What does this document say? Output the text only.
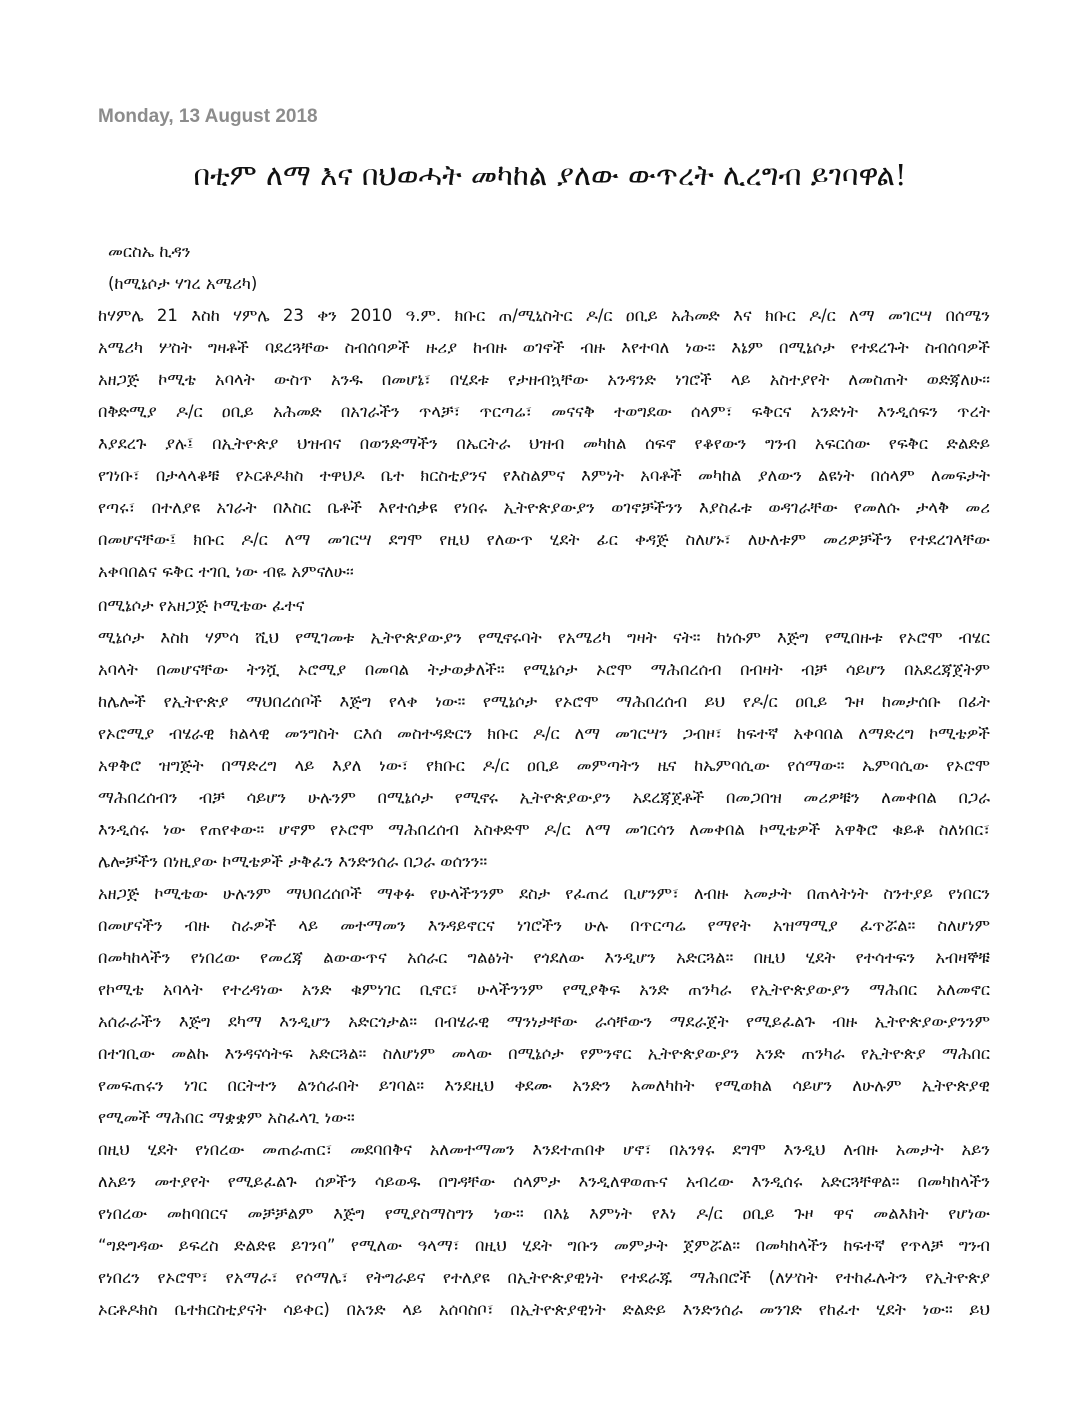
Monday, 13 August 2018
በቲም ለማ እና በህወሓት መካከል ያለው ውጥረት ሊረግብ ይገባዋል!
መርስኤ ኪዳን
(ከሚኔሶታ ሃገረ አሜሪካ)
ከሃምሌ 21 እስከ ሃምሌ 23 ቀን 2010 ዓ.ም. ክቡር ጠ/ሚኒስትር ዶ/ር ዐቢይ አሕመድ እና ክቡር ዶ/ር ለማ መገርሣ በሰሜን
አሜሪካ ሦስት ግዛቶች ባደረጓቸው ስብሰባዎች ዙሪያ ከብዙ ወገኖች ብዙ እየተባለ ነው። እኔም በሚኔሶታ የተደረጉት ስብሰባዎች
አዘጋጅ ኮሚቴ አባላት ውስጥ አንዱ በመሆኔ፣ በሂደቱ የታዘብኳቸው አንዳንድ ነገሮች ላይ አስተያየት ለመስጠት ወድጃለሁ፡፡
በቅድሚያ ዶ/ር ዐቢይ አሕመድ በአገራችን ጥላቻ፣ ጥርጣሬ፣ መናናቅ ተወግደው ሰላም፣ ፍቅርና አንድነት እንዲሰፍን ጥረት
እያደረጉ ያሉ፤ በኢትዮጵያ ህዝብና በወንድማችን በኤርትራ ህዝብ መካከል ሰፍኖ የቆየውን ግንብ አፍርሰው የፍቅር ድልድይ
የገነቡ፣ በታላላቆቹ የኦርቶዶክስ ተዋህዶ ቤተ ክርስቲያንና የእስልምና እምነት አባቶች መካከል ያለውን ልዩነት በሰላም ለመፍታት
የጣሩ፣ በተለያዩ አገራት በእስር ቤቶች እየተሰቃዩ የነበሩ ኢትዮጵያውያን ወገኖቻችንን እያስፈቱ ወዳገራቸው የመለሱ ታላቅ መሪ
በመሆናቸው፤ ክቡር ዶ/ር ለማ መገርሣ ደግሞ የዚህ የለውጥ ሂደት ፊር ቀዳጅ ስለሆኑ፣ ለሁለቱም መሪዎቻችን የተደረገላቸው
አቀባበልና ፍቅር ተገቢ ነው ብዬ አምናለሁ፡፡
በሚኔሶታ የአዘጋጅ ኮሚቴው ፈተና
ሚኔሶታ እስከ ሃምሳ ሺህ የሚገመቱ ኢትዮጵያውያን የሚኖሩባት የአሜሪካ ግዛት ናት። ከነሱም እጅግ የሚበዙቱ የኦሮሞ ብሄር
አባላት በመሆናቸው ትንሿ ኦሮሚያ በመባል ትታወቃለች። የሚኔሶታ ኦሮሞ ማሕበረሰብ በብዛት ብቻ ሳይሆን በአደረጃጀትም
ከሌሎች የኢትዮጵያ ማህበረሰቦች እጅግ የላቀ ነው። የሚኔሶታ የኦሮሞ ማሕበረሰብ ይህ የዶ/ር ዐቢይ ጉዞ ከመታሰቡ በፊት
የኦሮሚያ ብሄራዊ ክልላዊ መንግስት ርእሰ መስተዳድርን ክቡር ዶ/ር ለማ መገርሣን ጋብዞ፣ ከፍተኛ አቀባበል ለማድረግ ኮሚቴዎች
አዋቅሮ ዝግጅት በማድረግ ላይ እያለ ነው፣ የክቡር ዶ/ር ዐቢይ መምጣትን ዜና ከኤምባሲው የሰማው። ኤምባሲው የኦሮሞ
ማሕበረሰብን ብቻ ሳይሆን ሁሉንም በሚኔሶታ የሚኖሩ ኢትዮጵያውያን አደረጃጀቶች በመጋበዝ መሪዎቹን ለመቀበል በጋራ
እንዲሰሩ ነው የጠየቀው። ሆኖም የኦሮሞ ማሕበረሰብ አስቀድሞ ዶ/ር ለማ መገርሳን ለመቀበል ኮሚቴዎች አዋቅሮ ቁይቶ ስለነበር፣
ሌሎቻችን በነዚያው ኮሚቴዎች ታቅፈን እንድንሰራ በጋራ ወሰንን።
አዘጋጅ ኮሚቴው ሁሉንም ማህበረሰቦች ማቀፉ የሁላችንንም ደስታ የፈጠረ ቢሆንም፣ ለብዙ አመታት በጠላትነት ስንተያይ የነበርን
በመሆናችን ብዙ ስራዎች ላይ መተማመን እንዳይኖርና ነገሮችን ሁሉ በጥርጣሬ የማየት አዝማሚያ ፈጥሯል። ስለሆነም
በመካከላችን የነበረው የመረጃ ልውውጥና አሰራር ግልፅነት የጎደለው እንዲሆን አድርጓል። በዚህ ሂደት የተሳተፍን አብዛኞቹ
የኮሚቴ አባላት የተረዳነው አንድ ቁምነገር ቢኖር፣ ሁላችንንም የሚያቅፍ አንድ ጠንካራ የኢትዮጵያውያን ማሕበር አለመኖር
አሰራራችን እጅግ ደካማ እንዲሆን አድርጎታል። በብሄራዊ ማንነታቸው ራሳቸውን ማደራጀት የሚይፈልጉ ብዙ ኢትዮጵያውያንንም
በተገቢው መልኩ እንዳናሳትፍ አድርጓል። ስለሆነም መላው በሚኔሶታ የምንኖር ኢትዮጵያውያን አንድ ጠንካራ የኢትዮጵያ ማሕበር
የመፍጠሩን ነገር በርትተን ልንሰራበት ይገባል። እንደዚህ ቀደሙ አንድን አመለካከት የሚወክል ሳይሆን ለሁሉም ኢትዮጵያዊ
የሚመች ማሕበር ማቋቋም አስፈላጊ ነው።
በዚህ ሂደት የነበረው መጠራጠር፣ መደባበቅና አለመተማመን እንደተጠበቀ ሆኖ፣ በአንፃሩ ደግሞ እንዲህ ለብዙ አመታት አይን
ለአይን መተያየት የሚይፈልጉ ሰዎችን ሳይወዱ በግዳቸው ሰላምታ እንዲለዋወጡና አብረው እንዲሰሩ አድርጓቸዋል። በመካከላችን
የነበረው መከባበርና መቻቻልም እጅግ የሚያስማስግን ነው። በእኔ እምነት የእነ ዶ/ር ዐቢይ ጉዞ ዋና መልእክት የሆነው
“ግድግዳው ይፍረስ ድልድዩ ይገንባ” የሚለው ዓላማ፣ በዚህ ሂደት ግቡን መምታት ጀምሯል። በመካከላችን ከፍተኛ የጥላቻ ግንብ
የነበረን የኦሮሞ፣ የአማራ፣ የሶማሌ፣ የትግራይና የተለያዩ በኢትዮጵያዊነት የተደራጁ ማሕበሮች (ለሦስት የተከፈሉትን የኢትዮጵያ
ኦርቶዶክስ ቤተክርስቲያናት ሳይቀር) በአንድ ላይ አሰባስቦ፣ በኢትዮጵያዊነት ድልድይ እንድንሰራ መንገድ የከፈተ ሂደት ነው። ይህ
